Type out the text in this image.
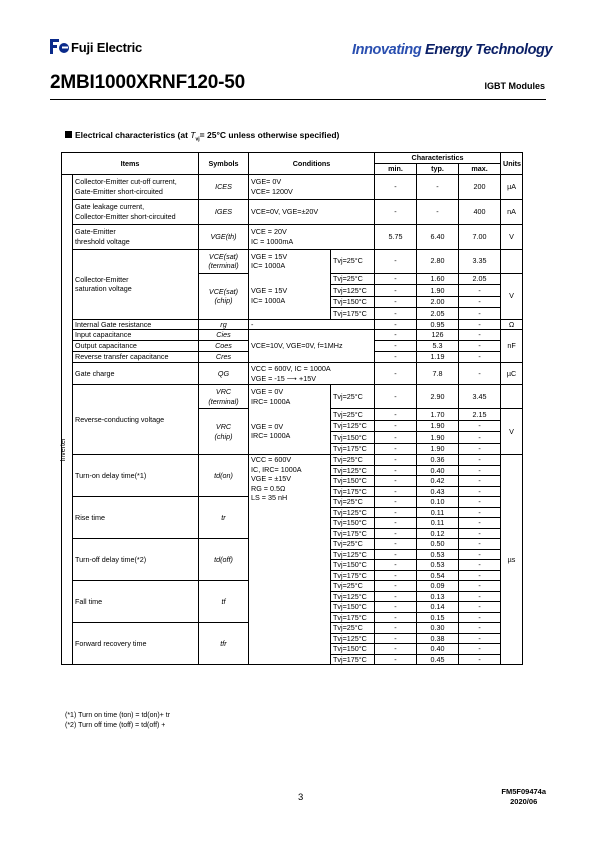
Fuji Electric	Innovating Energy Technology
2MBI1000XRNF120-50	IGBT Modules
Electrical characteristics (at $T_{vj}= 25^\circ C$ unless otherwise specified)
Items		Symbols	Conditions		Characteristics			Units
					min.	typ.	max.	

Inverter	Collector-Emitter cut-off current,
Gate-Emitter short-circuited	ICES	VGE= 0V
VCE= 1200V		-	-	200	µA
	Gate leakage current,
Collector-Emitter short-circuited	IGES	VCE=0V, VGE=±20V		-	-	400	nA
	Gate-Emitter
threshold voltage	VGE(th)	VCE = 20V
IC = 1000mA		5.75	6.40	7.00	V
	Collector-Emitter
saturation voltage	VCE(sat)
(terminal)	VGE = 15V
IC= 1000A	Tvj=25°C	-	2.80	3.35	
		VCE(sat)
(chip)	VGE = 15V
IC= 1000A	Tvj=25°C	-	1.60	2.05	V
				Tvj=125°C	-	1.90	-	
				Tvj=150°C	-	2.00	-	
				Tvj=175°C	-	2.05	-	
	Internal Gate resistance	rg	-		-	0.95	-	Ω
	Input capacitance	Cies	VCE=10V, VGE=0V, f=1MHz		-	126	-	nF
	Output capacitance	Coes			-	5.3	-	
	Reverse transfer capacitance	Cres			-	1.19	-	
	Gate charge	QG	VCC = 600V, IC = 1000A
VGE = -15 ⟶ +15V		-	7.8	-	µC
	Reverse-conducting voltage	VRC
(terminal)	VGE = 0V
IRC= 1000A	Tvj=25°C	-	2.90	3.45	
		VRC
(chip)	VGE = 0V
IRC= 1000A	Tvj=25°C	-	1.70	2.15	V
				Tvj=125°C	-	1.90	-	
				Tvj=150°C	-	1.90	-	
				Tvj=175°C	-	1.90	-	
	Turn-on delay time(*1)	td(on)	VCC = 600V
IC, IRC= 1000A
VGE = ±15V
RG = 0.5Ω
LS = 35 nH	Tvj=25°C	-	0.36	-	µs
				Tvj=125°C	-	0.40	-	
				Tvj=150°C	-	0.42	-	
				Tvj=175°C	-	0.43	-	
	Rise time	tr		Tvj=25°C	-	0.10	-	
				Tvj=125°C	-	0.11	-	
				Tvj=150°C	-	0.11	-	
				Tvj=175°C	-	0.12	-	
	Turn-off delay time(*2)	td(off)		Tvj=25°C	-	0.50	-	
				Tvj=125°C	-	0.53	-	
				Tvj=150°C	-	0.53	-	
				Tvj=175°C	-	0.54	-	
	Fall time	tf		Tvj=25°C	-	0.09	-	
				Tvj=125°C	-	0.13	-	
				Tvj=150°C	-	0.14	-	
				Tvj=175°C	-	0.15	-	
	Forward recovery time	tfr		Tvj=25°C	-	0.30	-	
				Tvj=125°C	-	0.38	-	
				Tvj=150°C	-	0.40	-	
				Tvj=175°C	-	0.45	-	
(*1) Turn on time (ton) = td(on)+ tr
(*2) Turn off time (toff) = td(off) +
3
FM5F09474a
2020/06
